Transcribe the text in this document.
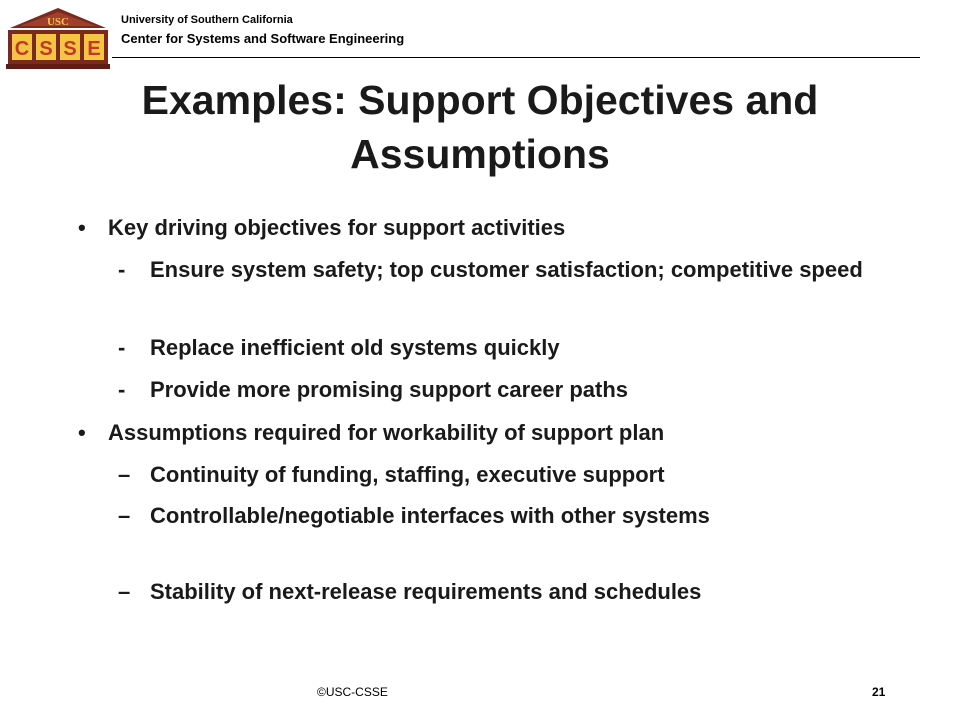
USC
C S S E
University of Southern California
Center for Systems and Software Engineering
Examples: Support Objectives and
Assumptions
•	Key driving objectives for support activities
-	Ensure system safety; top customer satisfaction; competitive speed
-	Replace inefficient old systems quickly
-	Provide more promising support career paths
•	Assumptions required for workability of support plan
– Continuity of funding, staffing, executive support
– Controllable/negotiable interfaces with other systems
– Stability of next-release requirements and schedules
©USC-CSSE	21
